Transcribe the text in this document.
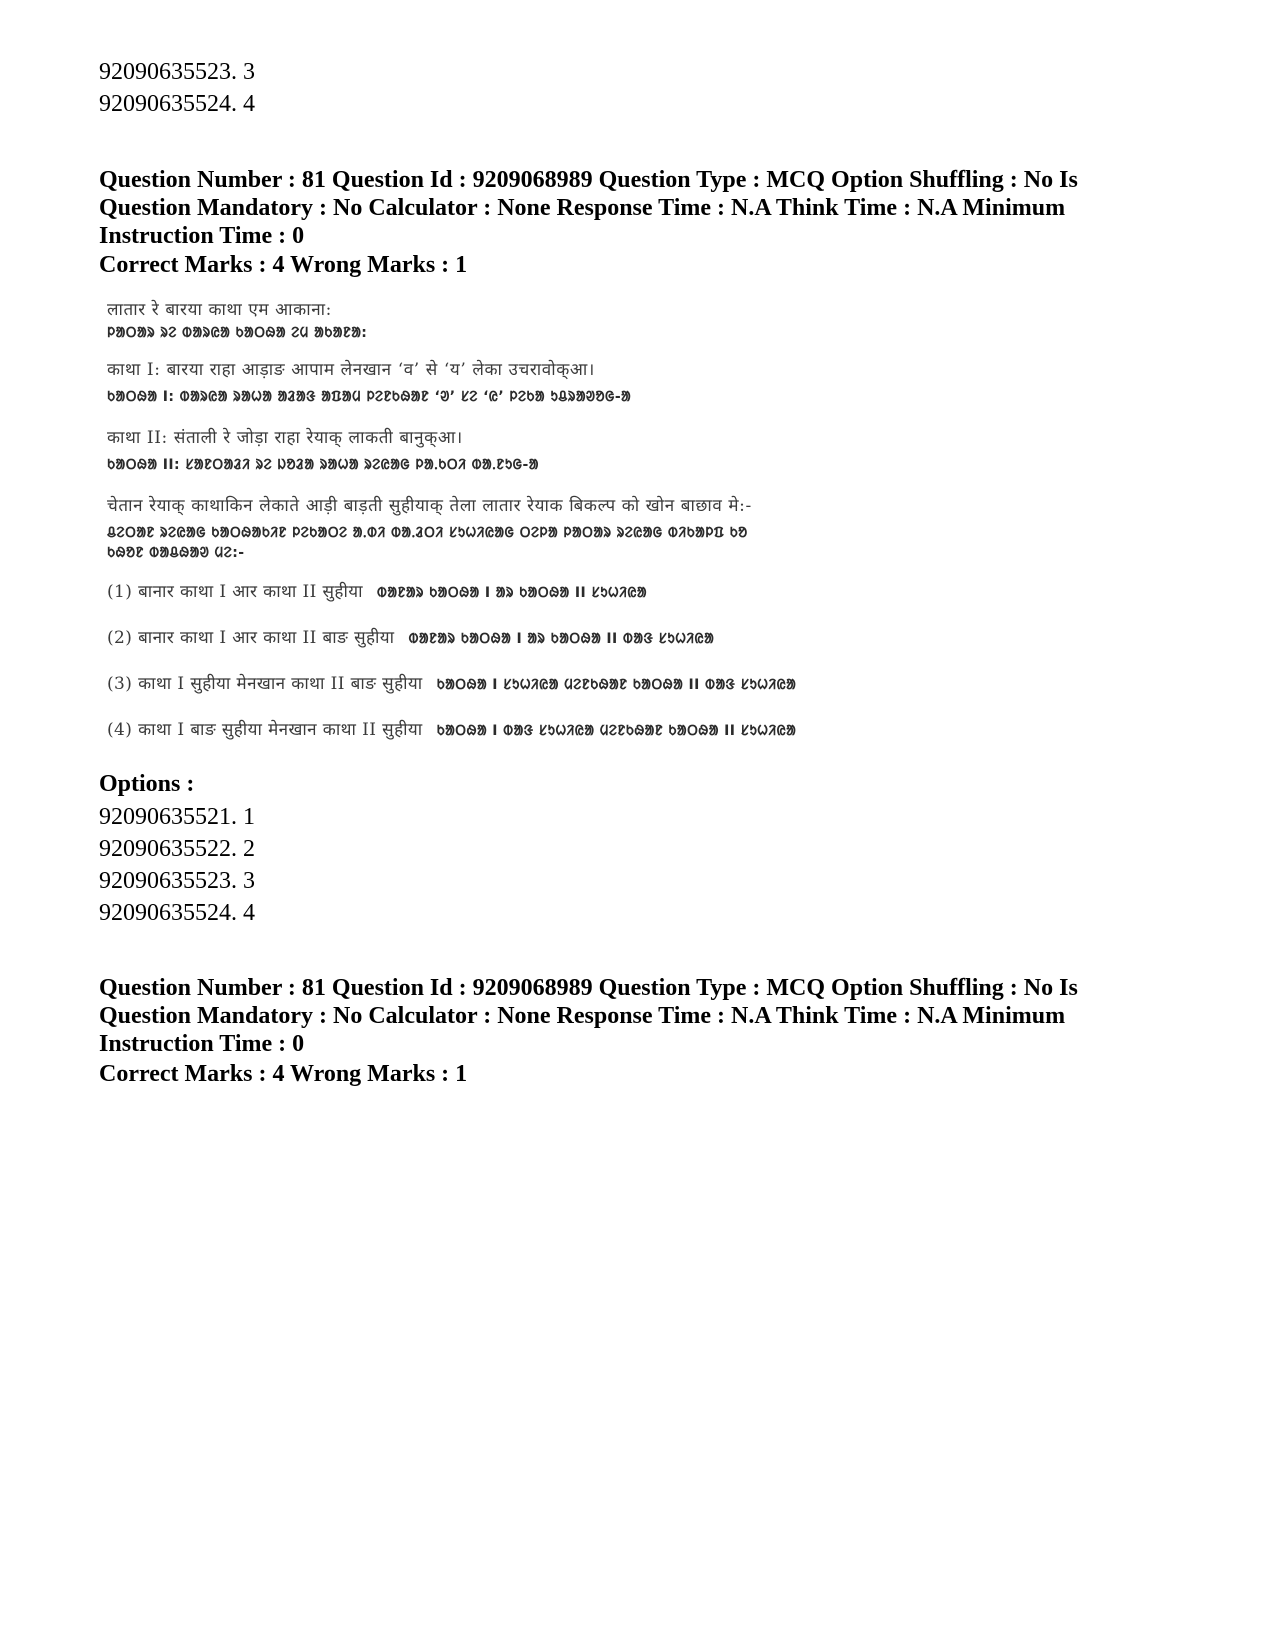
92090635523. 3
92090635524. 4
Question Number : 81 Question Id : 9209068989 Question Type : MCQ Option Shuffling : No Is
Question Mandatory : No Calculator : None Response Time : N.A Think Time : N.A Minimum
Instruction Time : 0
Correct Marks : 4 Wrong Marks : 1
लातार रे बारया काथा एम आकाना:
ᱞᱟᱛᱟᱨ ᱨᱮ ᱵᱟᱨᱭᱟ ᱠᱟᱛᱷᱟ ᱮᱢ ᱟᱠᱟᱱᱟ:
काथा I: बारया राहा आड़ाङ आपाम लेनखान ‘व’ से ‘य’ लेका उचरावोक्आ।
ᱠᱟᱛᱷᱟ I: ᱵᱟᱨᱭᱟ ᱨᱟᱦᱟ ᱟᱲᱟᱝ ᱟᱯᱟᱢ ᱞᱮᱱᱠᱷᱟᱱ ‘ᱣ’ ᱥᱮ ‘ᱭ’ ᱞᱮᱠᱟ ᱩᱪᱨᱟᱣᱚᱜ-ᱟ
काथा II: संताली रे जोड़ा राहा रेयाक् लाकती बानुक्आ।
ᱠᱟᱛᱷᱟ II: ᱥᱟᱱᱛᱟᱲᱤ ᱨᱮ ᱡᱚᱲᱟ ᱨᱟᱦᱟ ᱨᱮᱭᱟᱜ ᱞᱟᱹᱠᱛᱤ ᱵᱟᱹᱱᱩᱜ-ᱟ
चेतान रेयाक् काथाकिन लेकाते आड़ी बाड़ती सुहीयाक् तेला लातार रेयाक बिकल्प को खोन बाछाव मे:-
ᱪᱮᱛᱟᱱ ᱨᱮᱭᱟᱜ ᱠᱟᱛᱷᱟᱠᱤᱱ ᱞᱮᱠᱟᱛᱮ ᱟᱹᱰᱤ ᱵᱟᱹᱲᱛᱤ ᱥᱩᱦᱤᱭᱟᱜ ᱛᱮᱞᱟ ᱞᱟᱛᱟᱨ ᱨᱮᱭᱟᱜ ᱵᱤᱠᱟᱞᱯ ᱠᱚ
ᱠᱷᱚᱱ ᱵᱟᱪᱷᱟᱣ ᱢᱮ:-
(1) बानार काथा I आर काथा II सुहीया ᱵᱟᱱᱟᱨ ᱠᱟᱛᱷᱟ I ᱟᱨ ᱠᱟᱛᱷᱟ II ᱥᱩᱦᱤᱭᱟ
(2) बानार काथा I आर काथा II बाङ सुहीया ᱵᱟᱱᱟᱨ ᱠᱟᱛᱷᱟ I ᱟᱨ ᱠᱟᱛᱷᱟ II ᱵᱟᱝ ᱥᱩᱦᱤᱭᱟ
(3) काथा I सुहीया मेनखान काथा II बाङ सुहीया ᱠᱟᱛᱷᱟ I ᱥᱩᱦᱤᱭᱟ ᱢᱮᱱᱠᱷᱟᱱ ᱠᱟᱛᱷᱟ II ᱵᱟᱝ ᱥᱩᱦᱤᱭᱟ
(4) काथा I बाङ सुहीया मेनखान काथा II सुहीया ᱠᱟᱛᱷᱟ I ᱵᱟᱝ ᱥᱩᱦᱤᱭᱟ ᱢᱮᱱᱠᱷᱟᱱ ᱠᱟᱛᱷᱟ II ᱥᱩᱦᱤᱭᱟ
Options :
92090635521. 1
92090635522. 2
92090635523. 3
92090635524. 4
Question Number : 81 Question Id : 9209068989 Question Type : MCQ Option Shuffling : No Is
Question Mandatory : No Calculator : None Response Time : N.A Think Time : N.A Minimum
Instruction Time : 0
Correct Marks : 4 Wrong Marks : 1
